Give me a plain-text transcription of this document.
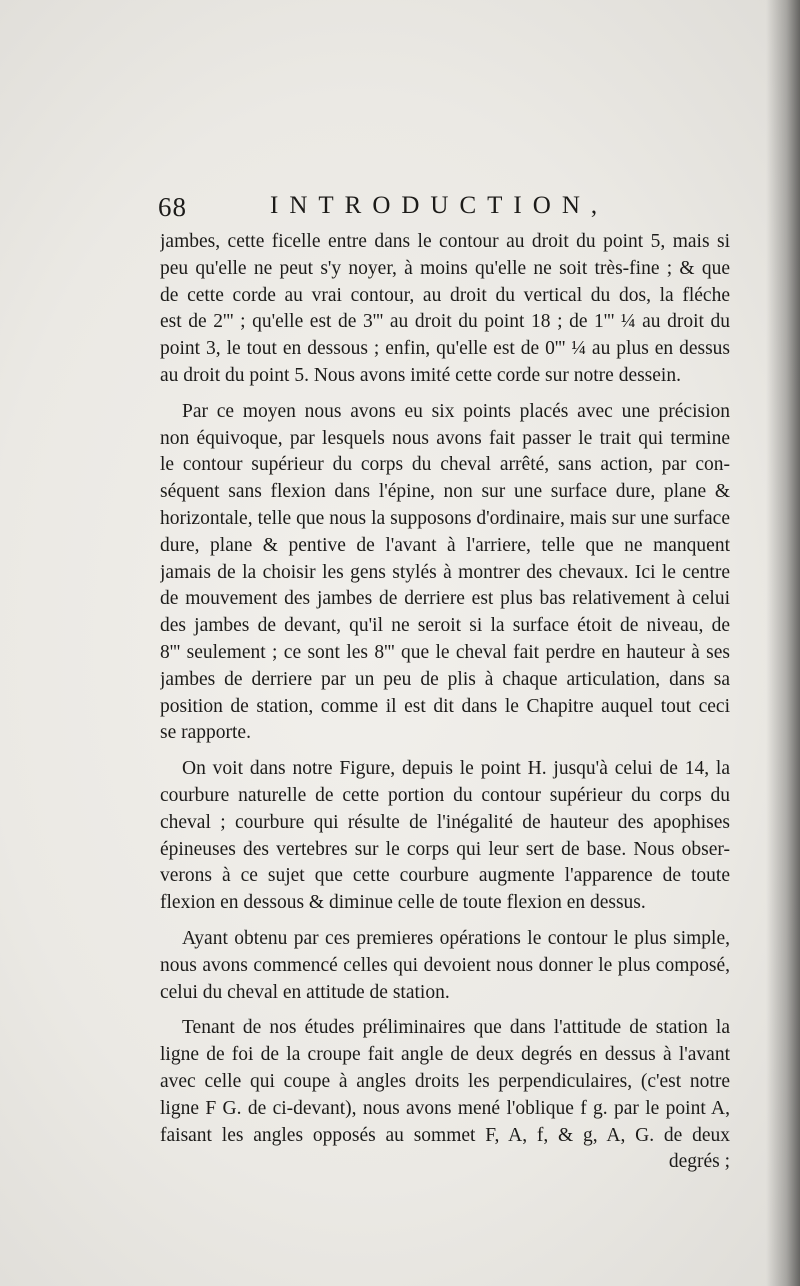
68	INTRODUCTION,
jambes, cette ficelle entre dans le contour au droit du point 5, mais si
peu qu'elle ne peut s'y noyer, à moins qu'elle ne soit très-fine ; & que
de cette corde au vrai contour, au droit du vertical du dos, la fléche
est de 2''' ; qu'elle est de 3''' au droit du point 18 ; de 1''' ¼ au droit du
point 3, le tout en dessous ; enfin, qu'elle est de 0''' ¼ au plus en dessus
au droit du point 5. Nous avons imité cette corde sur notre dessein.
Par ce moyen nous avons eu six points placés avec une précision
non équivoque, par lesquels nous avons fait passer le trait qui termine
le contour supérieur du corps du cheval arrêté, sans action, par con-
séquent sans flexion dans l'épine, non sur une surface dure, plane &
horizontale, telle que nous la supposons d'ordinaire, mais sur une surface
dure, plane & pentive de l'avant à l'arriere, telle que ne manquent
jamais de la choisir les gens stylés à montrer des chevaux. Ici le centre
de mouvement des jambes de derriere est plus bas relativement à celui
des jambes de devant, qu'il ne seroit si la surface étoit de niveau, de
8''' seulement ; ce sont les 8''' que le cheval fait perdre en hauteur à ses
jambes de derriere par un peu de plis à chaque articulation, dans sa
position de station, comme il est dit dans le Chapitre auquel tout ceci
se rapporte.
On voit dans notre Figure, depuis le point H. jusqu'à celui de 14, la
courbure naturelle de cette portion du contour supérieur du corps du
cheval ; courbure qui résulte de l'inégalité de hauteur des apophises
épineuses des vertebres sur le corps qui leur sert de base. Nous obser-
verons à ce sujet que cette courbure augmente l'apparence de toute
flexion en dessous & diminue celle de toute flexion en dessus.
Ayant obtenu par ces premieres opérations le contour le plus simple,
nous avons commencé celles qui devoient nous donner le plus composé,
celui du cheval en attitude de station.
Tenant de nos études préliminaires que dans l'attitude de station la
ligne de foi de la croupe fait angle de deux degrés en dessus à l'avant
avec celle qui coupe à angles droits les perpendiculaires, (c'est notre
ligne F G. de ci-devant), nous avons mené l'oblique f g. par le point A,
faisant les angles opposés au sommet F, A, f, & g, A, G. de deux
degrés ;
